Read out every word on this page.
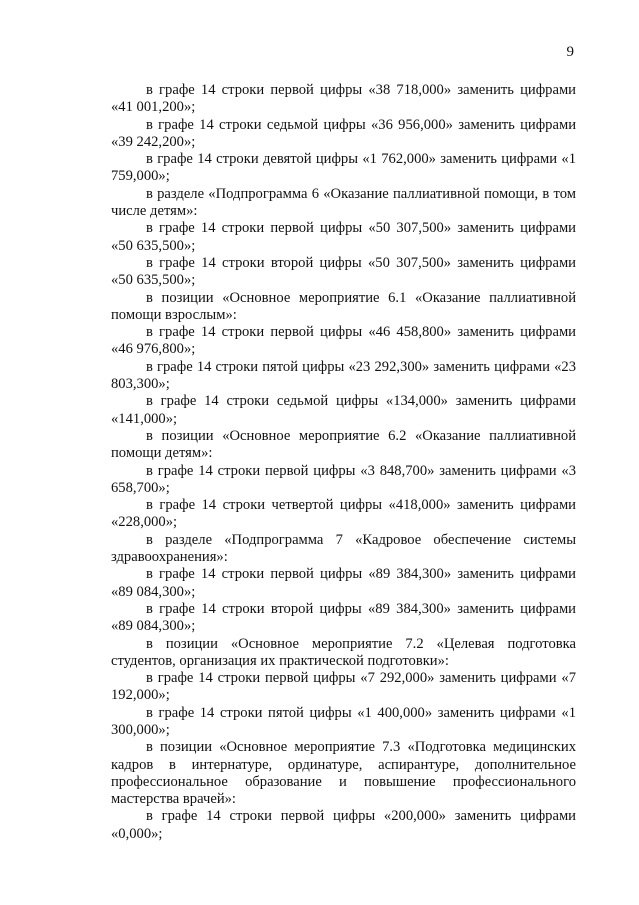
9

в графе 14 строки первой цифры «38 718,000» заменить цифрами «41 001,200»;

в графе 14 строки седьмой цифры «36 956,000» заменить цифрами «39 242,200»;

в графе 14 строки девятой цифры «1 762,000» заменить цифрами «1 759,000»;

в разделе «Подпрограмма 6 «Оказание паллиативной помощи, в том числе детям»:

в графе 14 строки первой цифры «50 307,500» заменить цифрами «50 635,500»;

в графе 14 строки второй цифры «50 307,500» заменить цифрами «50 635,500»;

в позиции «Основное мероприятие 6.1 «Оказание паллиативной помощи взрослым»:

в графе 14 строки первой цифры «46 458,800» заменить цифрами «46 976,800»;

в графе 14 строки пятой цифры «23 292,300» заменить цифрами «23 803,300»;

в графе 14 строки седьмой цифры «134,000» заменить цифрами «141,000»;

в позиции «Основное мероприятие 6.2 «Оказание паллиативной помощи детям»:

в графе 14 строки первой цифры «3 848,700» заменить цифрами «3 658,700»;

в графе 14 строки четвертой цифры «418,000» заменить цифрами «228,000»;

в разделе «Подпрограмма 7 «Кадровое обеспечение системы здравоохранения»:

в графе 14 строки первой цифры «89 384,300» заменить цифрами «89 084,300»;

в графе 14 строки второй цифры «89 384,300» заменить цифрами «89 084,300»;

в позиции «Основное мероприятие 7.2 «Целевая подготовка студентов, организация их практической подготовки»:

в графе 14 строки первой цифры «7 292,000» заменить цифрами «7 192,000»;

в графе 14 строки пятой цифры «1 400,000» заменить цифрами «1 300,000»;

в позиции «Основное мероприятие 7.3 «Подготовка медицинских кадров в интернатуре, ординатуре, аспирантуре, дополнительное профессиональное образование и повышение профессионального мастерства врачей»:

в графе 14 строки первой цифры «200,000» заменить цифрами «0,000»;
